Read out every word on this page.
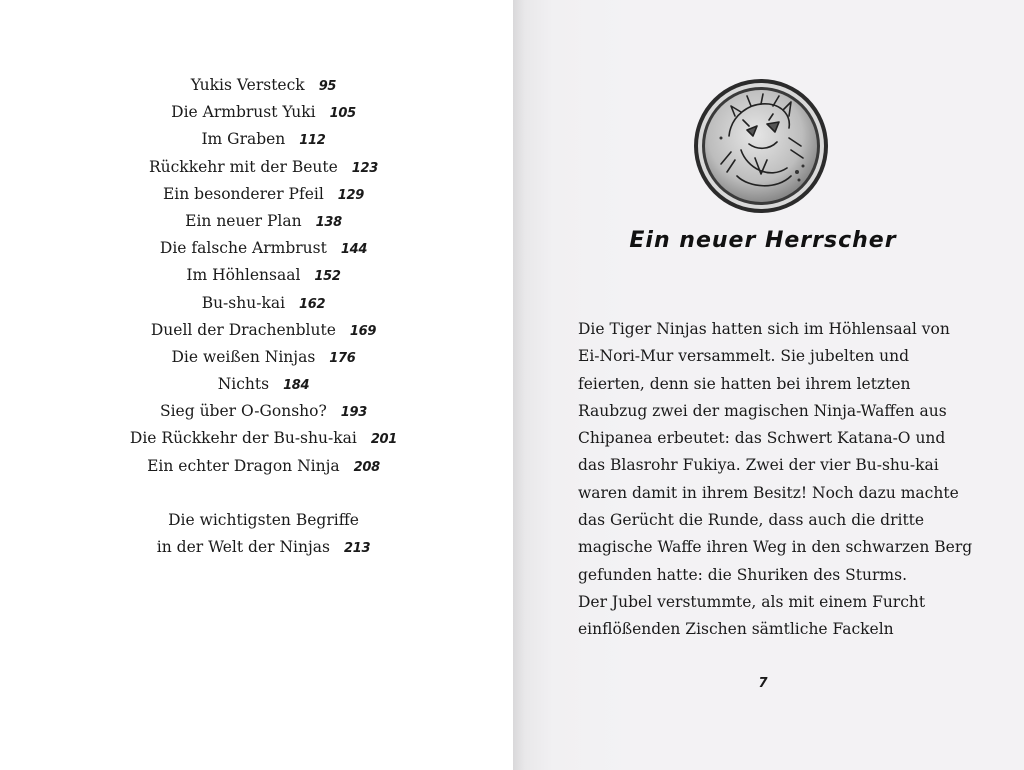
Yukis Versteck 95
Die Armbrust Yuki 105
Im Graben 112
Rückkehr mit der Beute 123
Ein besonderer Pfeil 129
Ein neuer Plan 138
Die falsche Armbrust 144
Im Höhlensaal 152
Bu-shu-kai 162
Duell der Drachenblute 169
Die weißen Ninjas 176
Nichts 184
Sieg über O-Gonsho? 193
Die Rückkehr der Bu-shu-kai 201
Ein echter Dragon Ninja 208
Die wichtigsten Begriffe
in der Welt der Ninjas 213
Ein neuer Herrscher
Die Tiger Ninjas hatten sich im Höhlensaal von
Ei-Nori-Mur versammelt. Sie jubelten und
feierten, denn sie hatten bei ihrem letzten
Raubzug zwei der magischen Ninja-Waffen aus
Chipanea erbeutet: das Schwert Katana-O und
das Blasrohr Fukiya. Zwei der vier Bu-shu-kai
waren damit in ihrem Besitz! Noch dazu machte
das Gerücht die Runde, dass auch die dritte
magische Waffe ihren Weg in den schwarzen Berg
gefunden hatte: die Shuriken des Sturms.
Der Jubel verstummte, als mit einem Furcht
einflößenden Zischen sämtliche Fackeln
7
